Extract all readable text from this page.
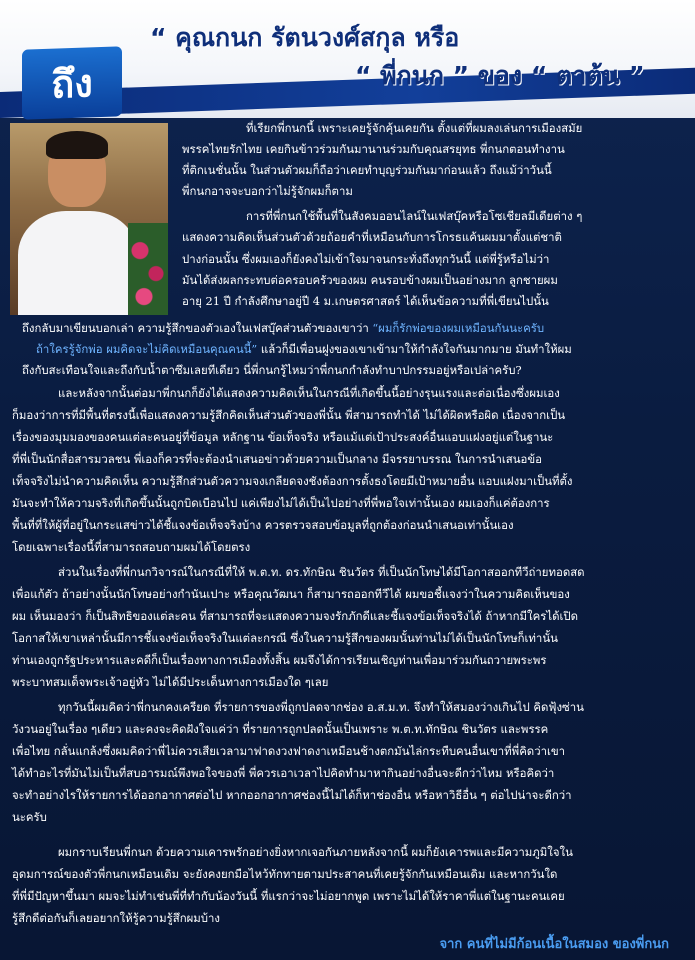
“ คุณกนก รัตนวงศ์สกุล หรือ
“ พี่กนก ” ของ “ ตาต้น ”
ถึง
ที่เรียกพี่กนกนี้ เพราะเคยรู้จักคุ้นเคยกัน ตั้งแต่ที่ผมลงเล่นการเมืองสมัย
พรรคไทยรักไทย เคยกินข้าวร่วมกันมานานร่วมกับคุณสรยุทธ พี่กนกตอนทำงาน
ที่ติกเนชั่นนั้น ในส่วนตัวผมก็ถือว่าเคยทำบุญร่วมกันมาก่อนแล้ว ถึงแม้ว่าวันนี้
พี่กนกอาจจะบอกว่าไม่รู้จักผมก็ตาม
การที่พี่กนกใช้พื้นที่ในสังคมออนไลน์ในเฟสบุ๊คหรือโซเชียลมีเดียต่าง ๆ
แสดงความคิดเห็นส่วนตัวด้วยถ้อยคำที่เหมือนกับการโกรธแค้นผมมาตั้งแต่ชาติ
ปางก่อนนั้น ซึ่งผมเองก็ยังคงไม่เข้าใจมาจนกระทั่งถึงทุกวันนี้ แต่พี่รู้หรือไม่ว่า
มันได้ส่งผลกระทบต่อครอบครัวของผม คนรอบข้างผมเป็นอย่างมาก ลูกชายผม
อายุ 21 ปี กำลังศึกษาอยู่ปี 4 ม.เกษตรศาสตร์ ได้เห็นข้อความที่พี่เขียนไปนั้น
ถึงกลับมาเขียนบอกเล่า ความรู้สึกของตัวเองในเฟสบุ๊คส่วนตัวของเขาว่า “ผมก็รักพ่อของผมเหมือนกันนะครับ
ถ้าใครรู้จักพ่อ ผมคิดจะไม่คิดเหมือนคุณคนนี้” แล้วก็มีเพื่อนฝูงของเขาเข้ามาให้กำลังใจกันมากมาย มันทำให้ผม
ถึงกับสะเทือนใจและถึงกับน้ำตาซึมเลยทีเดียว นี่พี่กนกรู้ไหมว่าพี่กนกกำลังทำบาปกรรมอยู่หรือเปล่าครับ?
และหลังจากนั้นต่อมาพี่กนกก็ยังได้แสดงความคิดเห็นในกรณีที่เกิดขึ้นนี้อย่างรุนแรงและต่อเนื่องซึ่งผมเอง
ก็มองว่าการที่มีพื้นที่ตรงนี้เพื่อแสดงความรู้สึกคิดเห็นส่วนตัวของพี่นั้น พี่สามารถทำได้ ไม่ได้ผิดหรือผิด เนื่องจากเป็น
เรื่องของมุมมองของคนแต่ละคนอยู่ที่ข้อมูล หลักฐาน ข้อเท็จจริง หรือแม้แต่เป้าประสงค์อื่นแอบแฝงอยู่แต่ในฐานะ
ที่พี่เป็นนักสื่อสารมวลชน พี่เองก็ควรที่จะต้องนำเสนอข่าวด้วยความเป็นกลาง มีจรรยาบรรณ ในการนำเสนอข้อ
เท็จจริงไม่นำความคิดเห็น ความรู้สึกส่วนตัวความจงเกลียดจงชังต้องการตั้งธงโดยมีเป้าหมายอื่น แอบแฝงมาเป็นที่ตั้ง
มันจะทำให้ความจริงที่เกิดขึ้นนั้นถูกบิดเบือนไป แค่เพียงไม่ได้เป็นไปอย่างที่พี่พอใจเท่านั้นเอง ผมเองก็แค่ต้องการ
พื้นที่ที่ให้ผู้ที่อยู่ในกระแสข่าวได้ชี้แจงข้อเท็จจริงบ้าง ควรตรวจสอบข้อมูลที่ถูกต้องก่อนนำเสนอเท่านั้นเอง
โดยเฉพาะเรื่องนี้ที่สามารถสอบถามผมได้โดยตรง
ส่วนในเรื่องที่พี่กนกวิจารณ์ในกรณีที่ให้ พ.ต.ท. ดร.ทักษิณ ชินวัตร ที่เป็นนักโทษได้มีโอกาสออกทีวีถ่ายทอดสด
เพื่อแก้ตัว ถ้าอย่างนั้นนักโทษอย่างกำนันเปาะ หรือคุณวัฒนา ก็สามารถออกทีวีได้ ผมขอชี้แจงว่าในความคิดเห็นของ
ผม เห็นมองว่า ก็เป็นสิทธิของแต่ละคน ที่สามารถที่จะแสดงความจงรักภักดีและชี้แจงข้อเท็จจริงได้ ถ้าหากมีใครได้เปิด
โอกาสให้เขาเหล่านั้นมีการชี้แจงข้อเท็จจริงในแต่ละกรณี ซึ่งในความรู้สึกของผมนั้นท่านไม่ได้เป็นนักโทษก็เท่านั้น
ท่านเองถูกรัฐประหารและคดีก็เป็นเรื่องทางการเมืองทั้งสิ้น ผมจึงได้การเรียนเชิญท่านเพื่อมาร่วมกันถวายพระพร
พระบาทสมเด็จพระเจ้าอยู่หัว ไม่ได้มีประเด็นทางการเมืองใด ๆเลย
ทุกวันนี้ผมคิดว่าพี่กนกคงเครียด ที่รายการของพี่ถูกปลดจากช่อง อ.ส.ม.ท. จึงทำให้สมองว่างเกินไป คิดฟุ้งซ่าน
วังวนอยู่ในเรื่อง ๆเดียว และคงจะคิดฝังใจแค่ว่า ที่รายการถูกปลดนั้นเป็นเพราะ พ.ต.ท.ทักษิณ ชินวัตร และพรรค
เพื่อไทย กลั่นแกล้งซึ่งผมคิดว่าพี่ไม่ควรเสียเวลามาฟาดงวงฟาดงาเหมือนช้างตกมันไล่กระทืบคนอื่นเขาที่พี่คิดว่าเขา
ได้ทำอะไรที่มันไม่เป็นที่สบอารมณ์พึงพอใจของพี่ พี่ควรเอาเวลาไปคิดทำมาหากินอย่างอื่นจะดีกว่าไหม หรือคิดว่า
จะทำอย่างไรให้รายการได้ออกอากาศต่อไป หากออกอากาศช่องนี้ไม่ได้ก็หาช่องอื่น หรือหาวิธีอื่น ๆ ต่อไปน่าจะดีกว่า
นะครับ
ผมกราบเรียนพี่กนก ด้วยความเคารพรักอย่างยิ่งหากเจอกันภายหลังจากนี้ ผมก็ยังเคารพและมีความภูมิใจใน
อุดมการณ์ของตัวพี่กนกเหมือนเดิม จะยังคงยกมือไหว้ทักทายตามประสาคนที่เคยรู้จักกันเหมือนเดิม และหากวันใด
ที่พี่มีปัญหาขึ้นมา ผมจะไม่ทำเช่นพี่ที่ทำกับน้องวันนี้ ที่แรกว่าจะไม่อยากพูด เพราะไม่ได้ให้ราคาพี่แต่ในฐานะคนเคย
รู้สึกดีต่อกันก็เลยอยากให้รู้ความรู้สึกผมบ้าง
จาก คนที่ไม่มีก้อนเนื้อในสมอง ของพี่กนก
